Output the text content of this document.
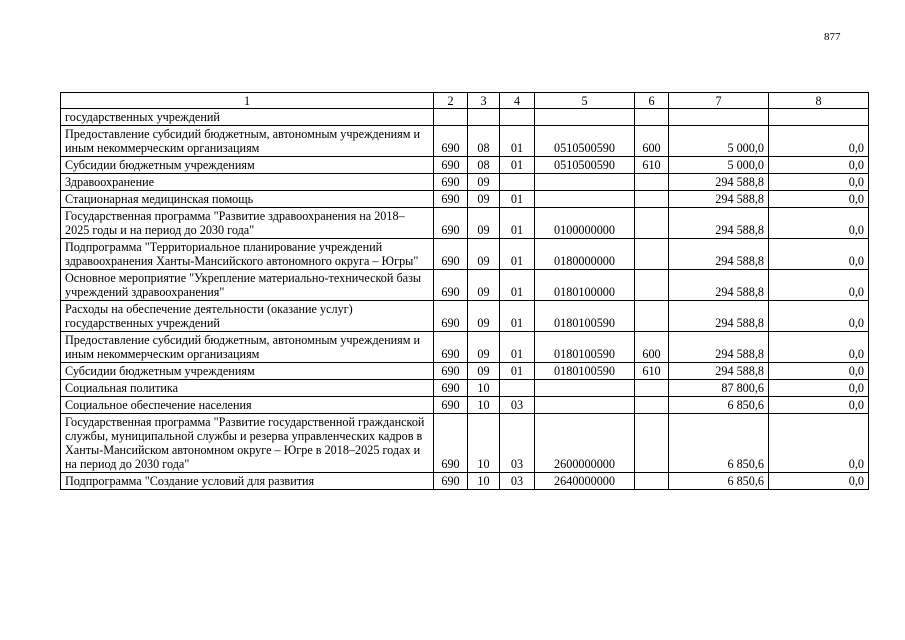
877
1	2	3	4	5	6	7	8
государственных учреждений							
Предоставление субсидий бюджетным, автономным учреждениям и иным некоммерческим организациям	690	08	01	0510500590	600	5 000,0	0,0
Субсидии бюджетным учреждениям	690	08	01	0510500590	610	5 000,0	0,0
Здравоохранение	690	09				294 588,8	0,0
Стационарная медицинская помощь	690	09	01			294 588,8	0,0
Государственная программа "Развитие здравоохранения на 2018–2025 годы и на период до 2030 года"	690	09	01	0100000000		294 588,8	0,0
Подпрограмма "Территориальное планирование учреждений здравоохранения Ханты-Мансийского автономного округа – Югры"	690	09	01	0180000000		294 588,8	0,0
Основное мероприятие "Укрепление материально-технической базы учреждений здравоохранения"	690	09	01	0180100000		294 588,8	0,0
Расходы на обеспечение деятельности (оказание услуг) государственных учреждений	690	09	01	0180100590		294 588,8	0,0
Предоставление субсидий бюджетным, автономным учреждениям и иным некоммерческим организациям	690	09	01	0180100590	600	294 588,8	0,0
Субсидии бюджетным учреждениям	690	09	01	0180100590	610	294 588,8	0,0
Социальная политика	690	10				87 800,6	0,0
Социальное обеспечение населения	690	10	03			6 850,6	0,0
Государственная программа "Развитие государственной гражданской службы, муниципальной службы и резерва управленческих кадров в Ханты-Мансийском автономном округе – Югре в 2018–2025 годах и на период до 2030 года"	690	10	03	2600000000		6 850,6	0,0
Подпрограмма "Создание условий для развития	690	10	03	2640000000		6 850,6	0,0
